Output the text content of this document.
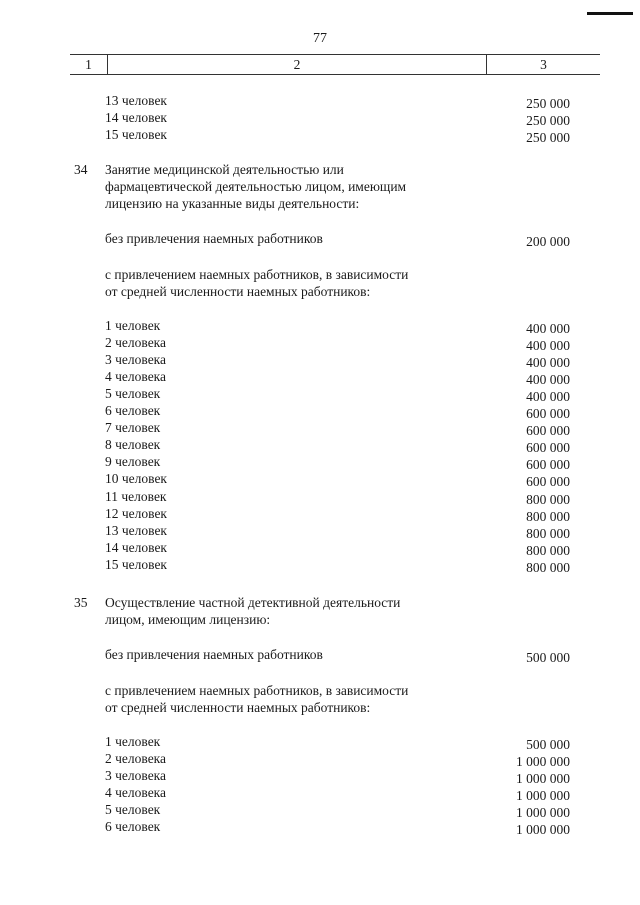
77
1	2	3
13 человек	250 000
14 человек	250 000
15 человек	250 000
34 Занятие медицинской деятельностью или
фармацевтической деятельностью лицом, имеющим
лицензию на указанные виды деятельности:
без привлечения наемных работников	200 000
с привлечением наемных работников, в зависимости
от средней численности наемных работников:
1 человек	400 000
2 человека	400 000
3 человека	400 000
4 человека	400 000
5 человек	400 000
6 человек	600 000
7 человек	600 000
8 человек	600 000
9 человек	600 000
10 человек	600 000
11 человек	800 000
12 человек	800 000
13 человек	800 000
14 человек	800 000
15 человек	800 000
35 Осуществление частной детективной деятельности
лицом, имеющим лицензию:
без привлечения наемных работников	500 000
с привлечением наемных работников, в зависимости
от средней численности наемных работников:
1 человек	500 000
2 человека	1 000 000
3 человека	1 000 000
4 человека	1 000 000
5 человек	1 000 000
6 человек	1 000 000
